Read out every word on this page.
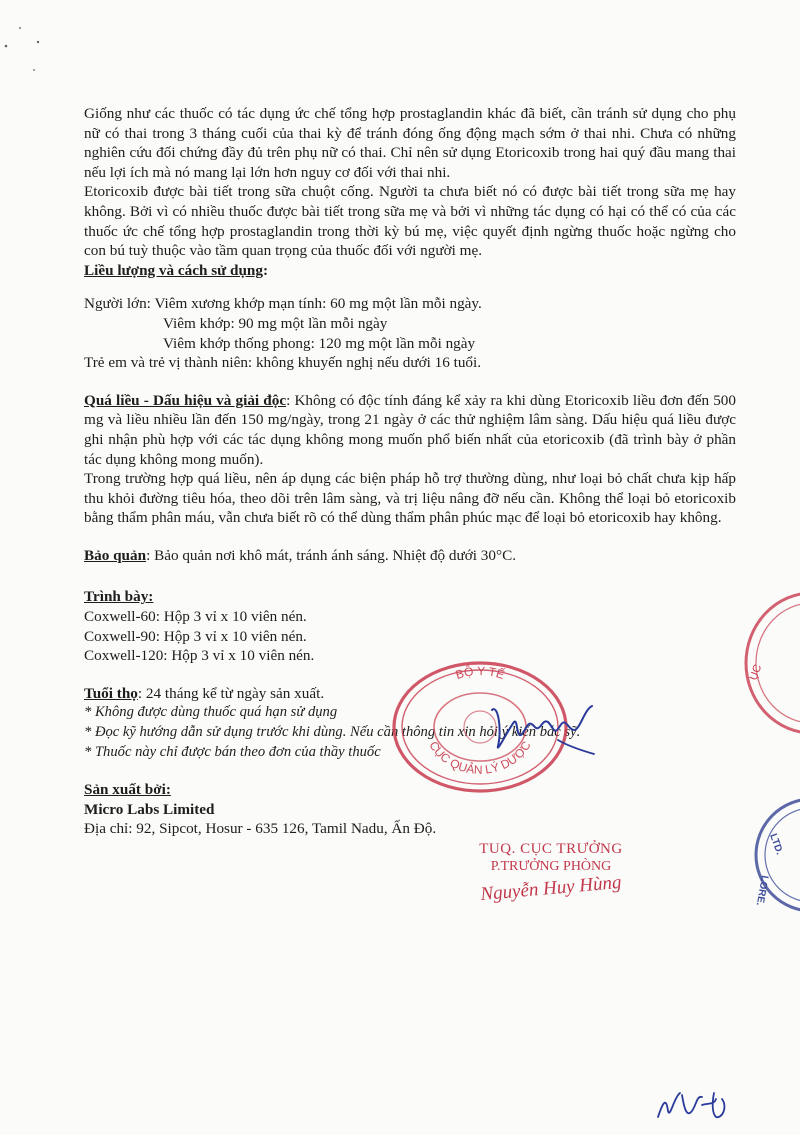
Giống như các thuốc có tác dụng ức chế tổng hợp prostaglandin khác đã biết, cần tránh sử dụng cho phụ nữ có thai trong 3 tháng cuối của thai kỳ để tránh đóng ống động mạch sớm ở thai nhi. Chưa có những nghiên cứu đối chứng đầy đủ trên phụ nữ có thai. Chỉ nên sử dụng Etoricoxib trong hai quý đầu mang thai nếu lợi ích mà nó mang lại lớn hơn nguy cơ đối với thai nhi.

Etoricoxib được bài tiết trong sữa chuột cống. Người ta chưa biết nó có được bài tiết trong sữa mẹ hay không. Bởi vì có nhiều thuốc được bài tiết trong sữa mẹ và bởi vì những tác dụng có hại có thể có của các thuốc ức chế tổng hợp prostaglandin trong thời kỳ bú mẹ, việc quyết định ngừng thuốc hoặc ngừng cho con bú tuỳ thuộc vào tầm quan trọng của thuốc đối với người mẹ.

Liều lượng và cách sử dụng:

Người lớn: Viêm xương khớp mạn tính: 60 mg một lần mỗi ngày.

Viêm khớp: 90 mg một lần mỗi ngày

Viêm khớp thống phong: 120 mg một lần mỗi ngày

Trẻ em và trẻ vị thành niên: không khuyến nghị nếu dưới 16 tuổi.

Quá liều - Dấu hiệu và giải độc: Không có độc tính đáng kể xảy ra khi dùng Etoricoxib liều đơn đến 500 mg và liều nhiều lần đến 150 mg/ngày, trong 21 ngày ở các thử nghiệm lâm sàng. Dấu hiệu quá liều được ghi nhận phù hợp với các tác dụng không mong muốn phổ biến nhất của etoricoxib (đã trình bày ở phần tác dụng không mong muốn).

Trong trường hợp quá liều, nên áp dụng các biện pháp hỗ trợ thường dùng, như loại bỏ chất chưa kịp hấp thu khỏi đường tiêu hóa, theo dõi trên lâm sàng, và trị liệu nâng đỡ nếu cần. Không thể loại bỏ etoricoxib bằng thẩm phân máu, vẫn chưa biết rõ có thể dùng thẩm phân phúc mạc để loại bỏ etoricoxib hay không.

Bảo quản: Bảo quản nơi khô mát, tránh ánh sáng. Nhiệt độ dưới 30°C.

Trình bày:

Coxwell-60: Hộp 3 vỉ x 10 viên nén.

Coxwell-90: Hộp 3 vỉ x 10 viên nén.

Coxwell-120: Hộp 3 vỉ x 10 viên nén.

Tuổi thọ: 24 tháng kể từ ngày sản xuất.

* Không được dùng thuốc quá hạn sử dụng

* Đọc kỹ hướng dẫn sử dụng trước khi dùng. Nếu cần thông tin xin hỏi ý kiến bác sỹ.

* Thuốc này chỉ được bán theo đơn của thầy thuốc

Sản xuất bởi:

Micro Labs Limited

Địa chỉ: 92, Sipcot, Hosur - 635 126, Tamil Nadu, Ấn Độ.

BỘ Y TẾ
CỤC QUẢN LÝ DƯỢC
TUQ. CỤC TRƯỞNG
P.TRƯỞNG PHÒNG
Nguyễn Huy Hùng
ỤC
LTD.
LORE.
